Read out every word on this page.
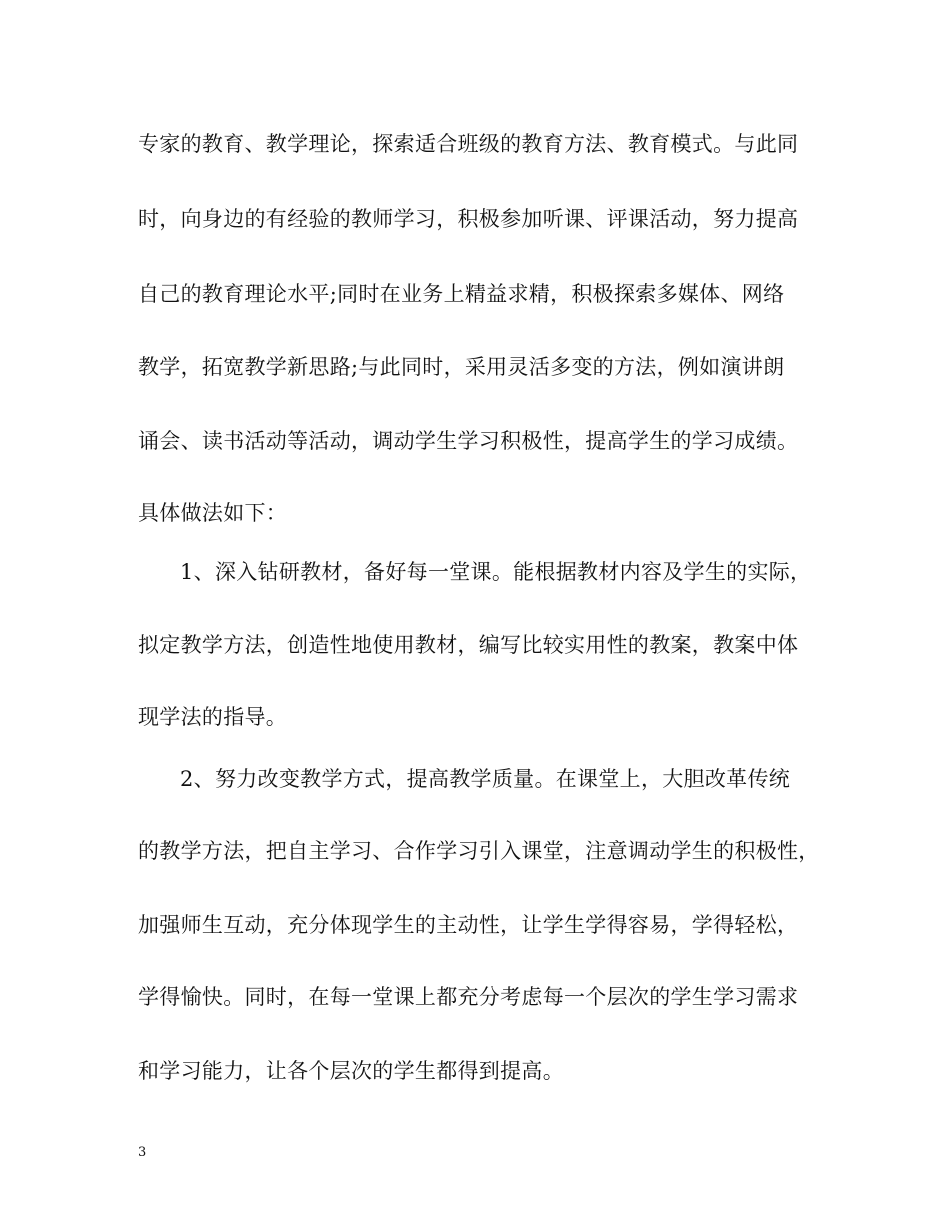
专家的教育、教学理论，探索适合班级的教育方法、教育模式。与此同
时，向身边的有经验的教师学习，积极参加听课、评课活动，努力提高
自己的教育理论水平;同时在业务上精益求精，积极探索多媒体、网络
教学，拓宽教学新思路;与此同时，采用灵活多变的方法，例如演讲朗
诵会、读书活动等活动，调动学生学习积极性，提高学生的学习成绩。
具体做法如下：
1、深入钻研教材，备好每一堂课。能根据教材内容及学生的实际，
拟定教学方法，创造性地使用教材，编写比较实用性的教案，教案中体
现学法的指导。
2、努力改变教学方式，提高教学质量。在课堂上，大胆改革传统
的教学方法，把自主学习、合作学习引入课堂，注意调动学生的积极性，
加强师生互动，充分体现学生的主动性，让学生学得容易，学得轻松，
学得愉快。同时，在每一堂课上都充分考虑每一个层次的学生学习需求
和学习能力，让各个层次的学生都得到提高。
3
